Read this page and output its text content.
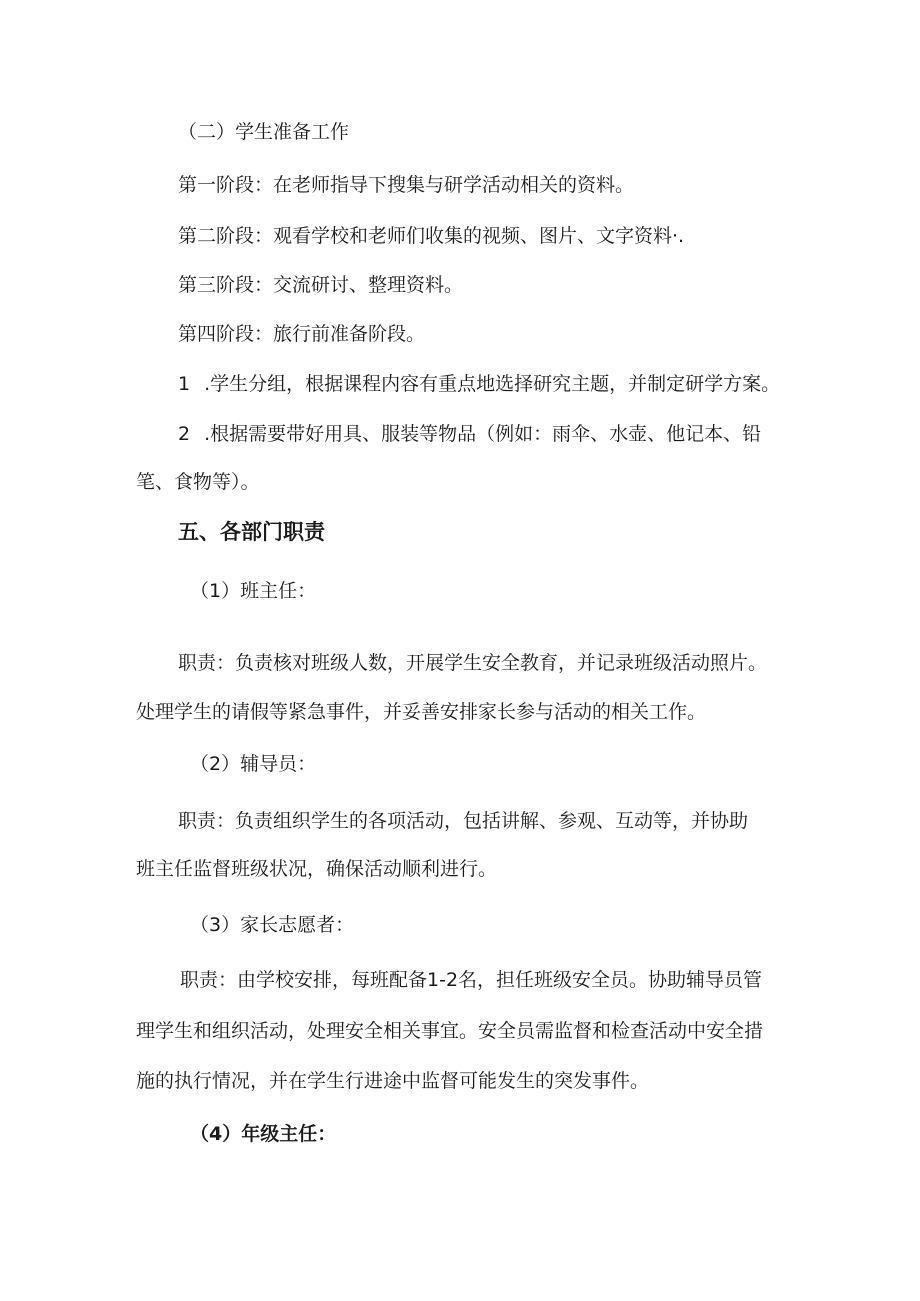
（二）学生准备工作
第一阶段：在老师指导下搜集与研学活动相关的资料。
第二阶段：观看学校和老师们收集的视频、图片、文字资料·.
第三阶段：交流研讨、整理资料。
第四阶段：旅行前准备阶段。
1 .学生分组，根据课程内容有重点地选择研究主题，并制定研学方案。
2 .根据需要带好用具、服装等物品（例如：雨伞、水壶、他记本、铅
笔、食物等）。
五、各部门职责
（1）班主任：
职责：负责核对班级人数，开展学生安全教育，并记录班级活动照片。
处理学生的请假等紧急事件，并妥善安排家长参与活动的相关工作。
（2）辅导员：
职责：负责组织学生的各项活动，包括讲解、参观、互动等，并协助
班主任监督班级状况，确保活动顺利进行。
（3）家长志愿者：
职责：由学校安排，每班配备1-2名，担任班级安全员。协助辅导员管
理学生和组织活动，处理安全相关事宜。安全员需监督和检查活动中安全措
施的执行情况，并在学生行进途中监督可能发生的突发事件。
（4）年级主任：
